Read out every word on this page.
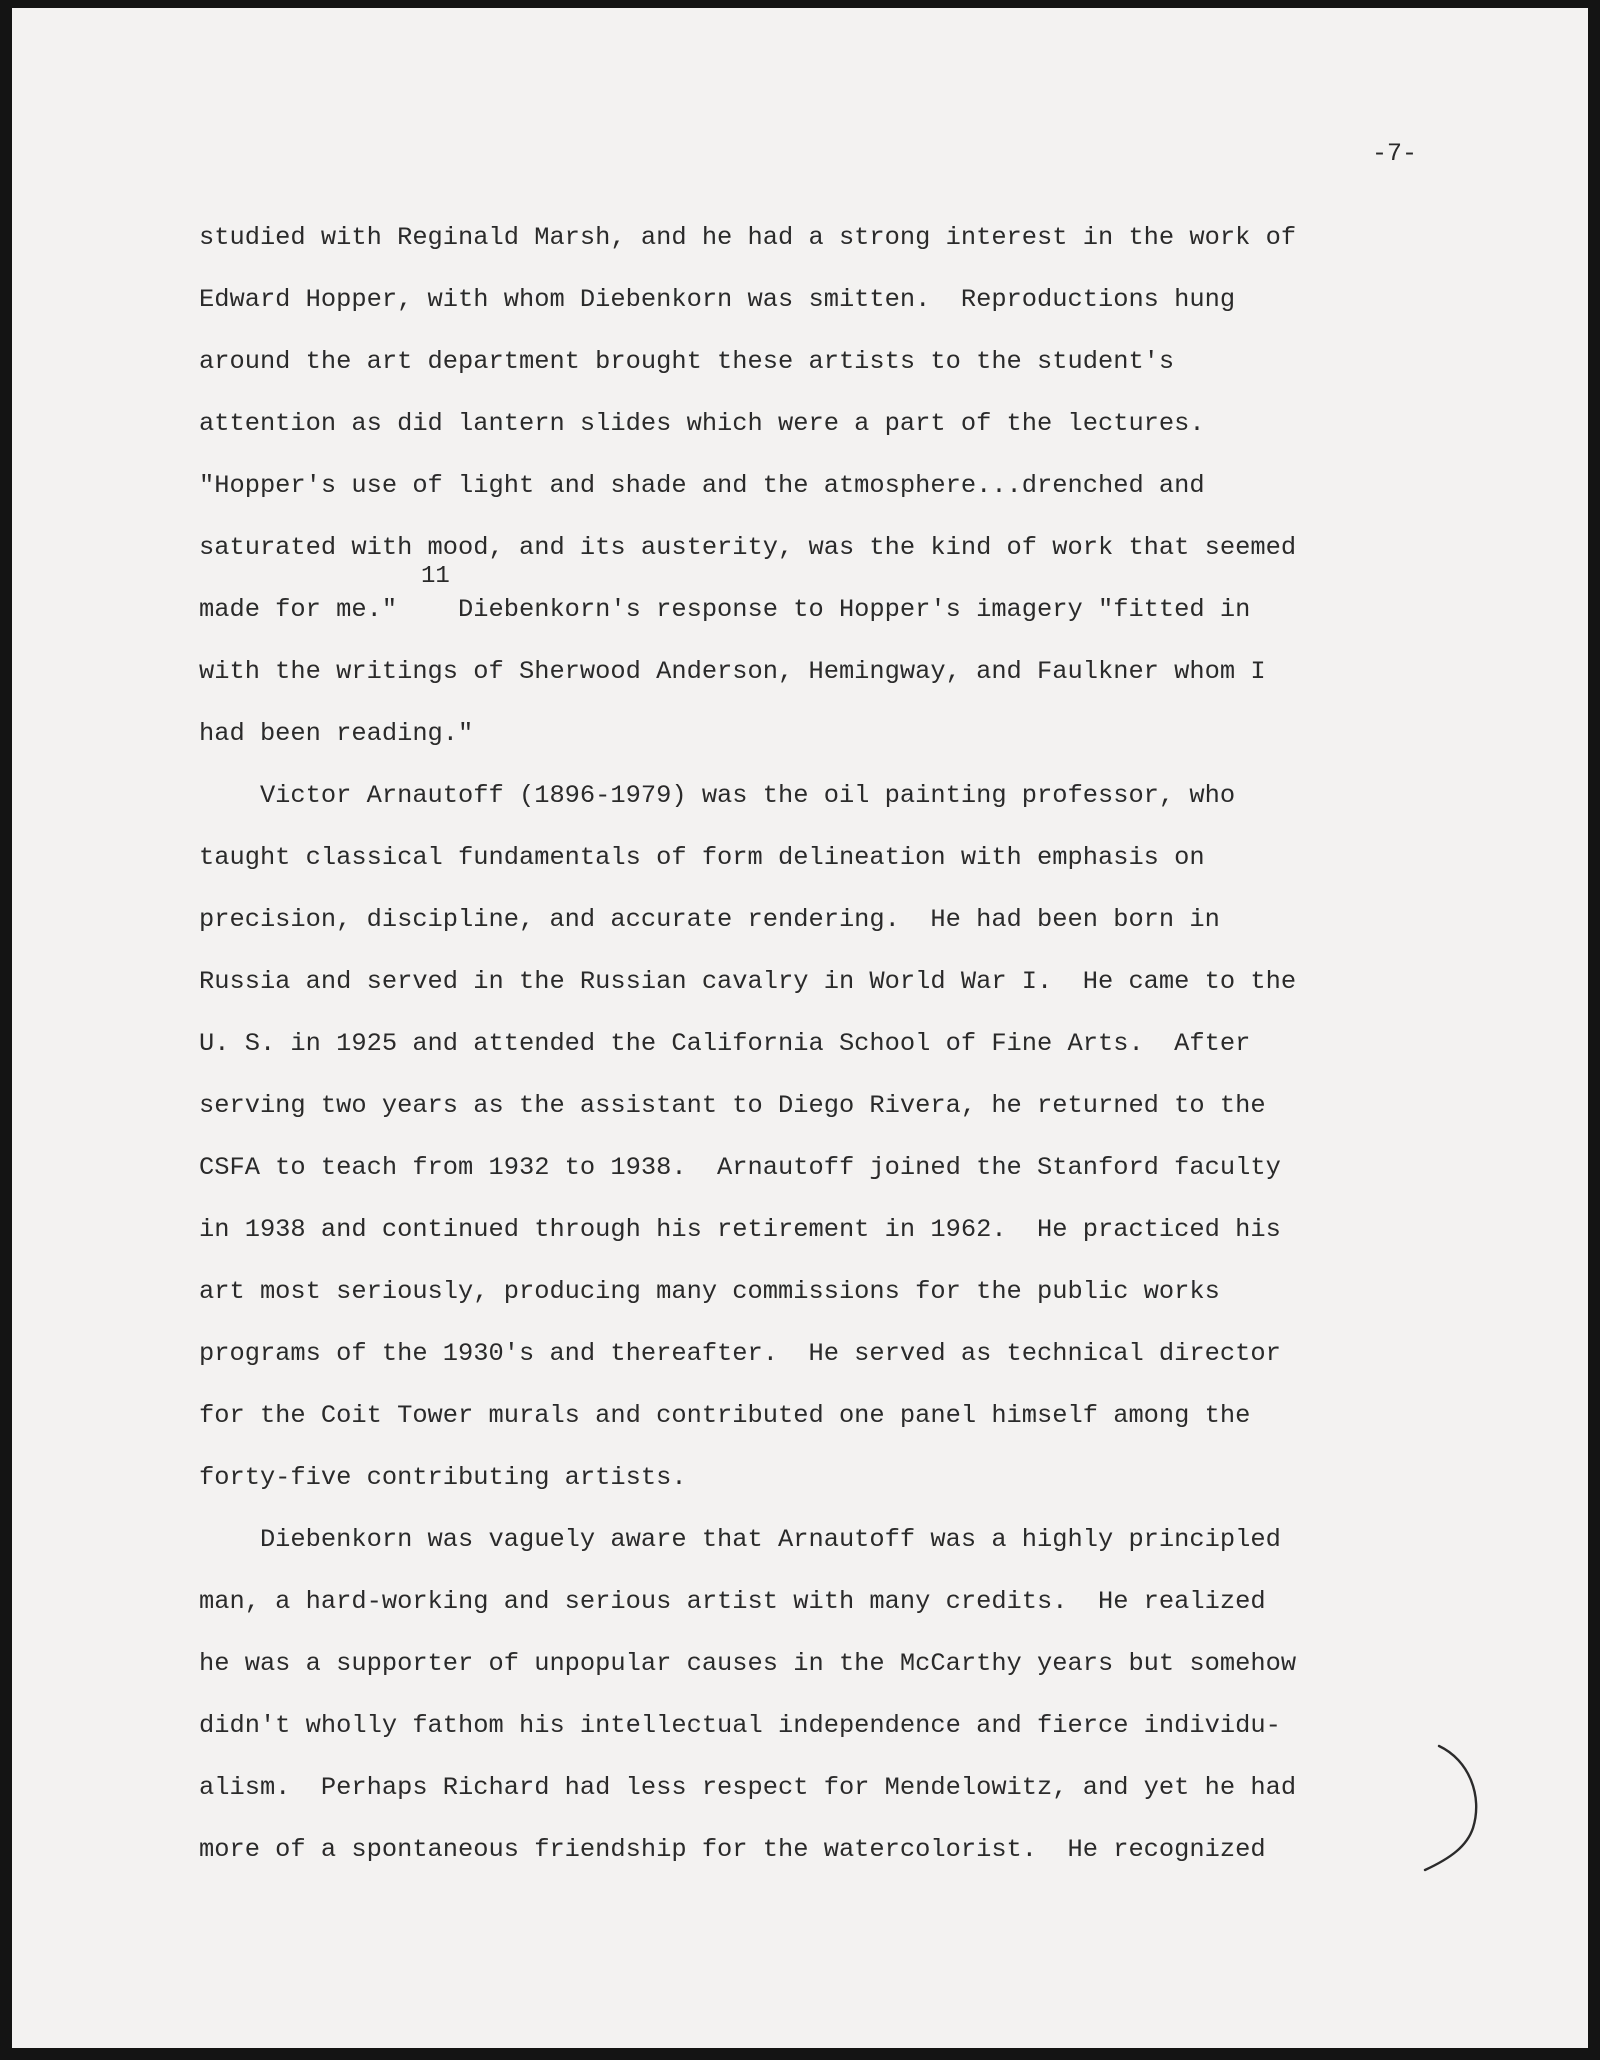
-7-
studied with Reginald Marsh, and he had a strong interest in the work of
Edward Hopper, with whom Diebenkorn was smitten.  Reproductions hung
around the art department brought these artists to the student's
attention as did lantern slides which were a part of the lectures.
"Hopper's use of light and shade and the atmosphere...drenched and
saturated with mood, and its austerity, was the kind of work that seemed
11
made for me."    Diebenkorn's response to Hopper's imagery "fitted in
with the writings of Sherwood Anderson, Hemingway, and Faulkner whom I
had been reading."
Victor Arnautoff (1896-1979) was the oil painting professor, who
taught classical fundamentals of form delineation with emphasis on
precision, discipline, and accurate rendering.  He had been born in
Russia and served in the Russian cavalry in World War I.  He came to the
U. S. in 1925 and attended the California School of Fine Arts.  After
serving two years as the assistant to Diego Rivera, he returned to the
CSFA to teach from 1932 to 1938.  Arnautoff joined the Stanford faculty
in 1938 and continued through his retirement in 1962.  He practiced his
art most seriously, producing many commissions for the public works
programs of the 1930's and thereafter.  He served as technical director
for the Coit Tower murals and contributed one panel himself among the
forty-five contributing artists.
Diebenkorn was vaguely aware that Arnautoff was a highly principled
man, a hard-working and serious artist with many credits.  He realized
he was a supporter of unpopular causes in the McCarthy years but somehow
didn't wholly fathom his intellectual independence and fierce individu-
alism.  Perhaps Richard had less respect for Mendelowitz, and yet he had
more of a spontaneous friendship for the watercolorist.  He recognized
